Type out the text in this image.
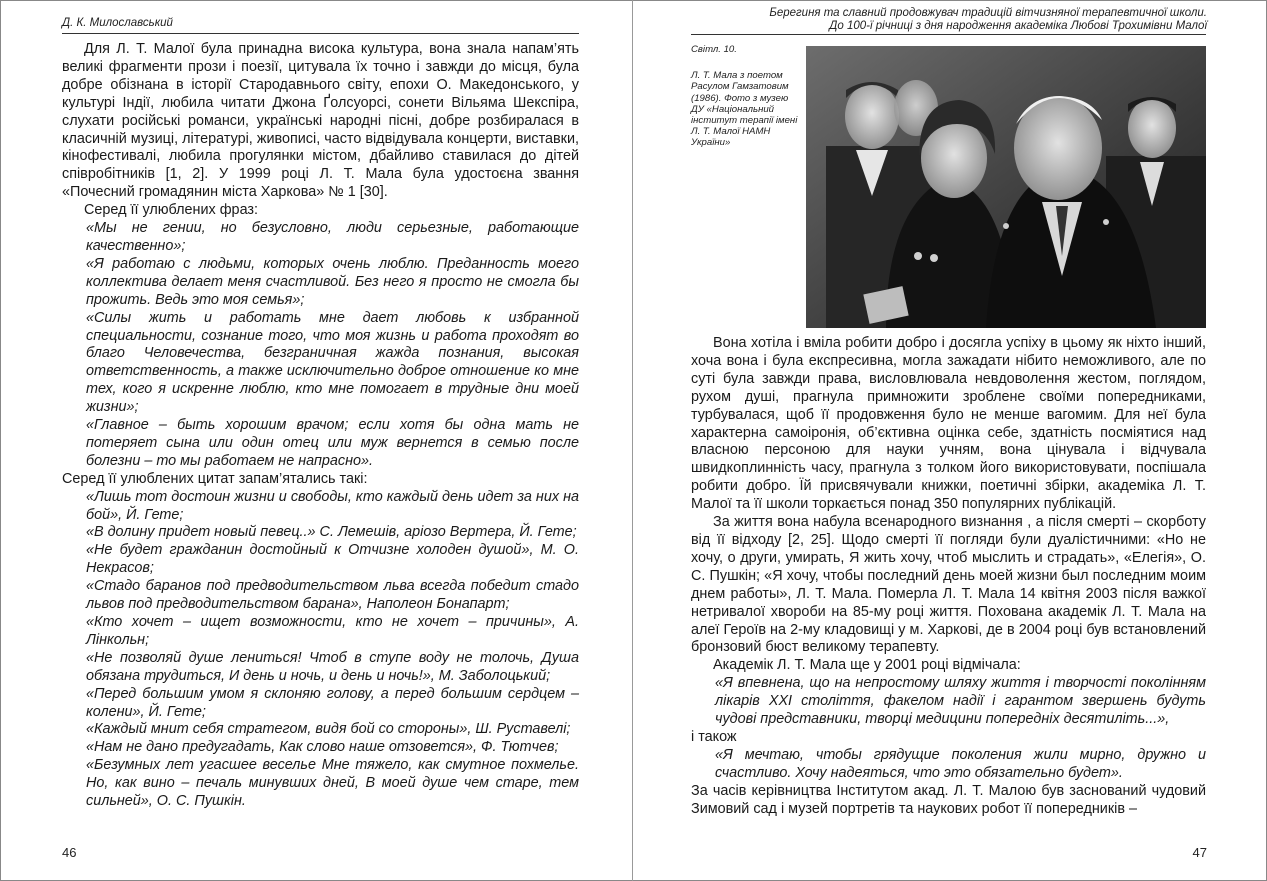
Д. К. Милославський

Для Л. Т. Малої була принадна висока культура, вона знала напам’ять великі фрагменти прози і поезії, цитувала їх точно і завжди до місця, була добре обізнана в історії Стародавнього світу, епохи О. Македонського, у культурі Індії, любила читати Джона Ґолсуорсі, сонети Вільяма Шекспіра, слухати російські романси, українські народні пісні, добре розбиралася в класичній музиці, літературі, живописі, часто відвідувала концерти, виставки, кінофестивалі, любила прогулянки містом, дбайливо ставилася до дітей співробітників [1, 2]. У 1999 році Л. Т. Мала була удостоєна звання «Почесний громадянин міста Харкова» № 1 [30].

Серед її улюблених фраз:

«Мы не гении, но безусловно, люди серьезные, работающие качественно»;

«Я работаю с людьми, которых очень люблю. Преданность моего коллектива делает меня счастливой. Без него я просто не смогла бы прожить. Ведь это моя семья»;

«Силы жить и работать мне дает любовь к избранной специальности, сознание того, что моя жизнь и работа проходят во благо Человечества, безграничная жажда познания, высокая ответственность, а также исключительно доброе отношение ко мне тех, кого я искренне люблю, кто мне помогает в трудные дни моей жизни»;

«Главное – быть хорошим врачом; если хотя бы одна мать не потеряет сына или один отец или муж вернется в семью после болезни – то мы работаем не напрасно».

Серед її улюблених цитат запам’ятались такі:

«Лишь тот достоин жизни и свободы, кто каждый день идет за них на бой», Й. Гете;

«В долину придет новый певец..» С. Лемешів, аріозо Вертера, Й. Гете;

«Не будет гражданин достойный к Отчизне холоден душой», М. О. Некрасов;

«Стадо баранов под предводительством льва всегда победит стадо львов под предводительством барана», Наполеон Бонапарт;

«Кто хочет – ищет возможности, кто не хочет – причины», А. Лінкольн;

«Не позволяй душе лениться! Чтоб в ступе воду не толочь, Душа обязана трудиться, И день и ночь, и день и ночь!», М. Заболоцький;

«Перед большим умом я склоняю голову, а перед большим сердцем – колени», Й. Гете;

«Каждый мнит себя стратегом, видя бой со стороны», Ш. Руставелі;

«Нам не дано предугадать, Как слово наше отзовется», Ф. Тютчев;

«Безумных лет угасшее веселье Мне тяжело, как смутное похмелье. Но, как вино – печаль минувших дней, В моей душе чем старе, тем сильней», О. С. Пушкін.

46
Берегиня та славний продовжувач традицій вітчизняної терапевтичної школи.
До 100-ї річниці з дня народження академіка Любові Трохимівни Малої
Світл. 10.
Л. Т. Мала з поетом Расулом Гамзатовим (1986). Фото з музею ДУ «Національний інститут терапії імені Л. Т. Малої НАМН України»

Вона хотіла і вміла робити добро і досягла успіху в цьому як ніхто інший, хоча вона і була експресивна, могла зажадати нібито неможливого, але по суті була завжди права, висловлювала невдоволення жестом, поглядом, рухом душі, прагнула примножити зроблене своїми попередниками, турбувалася, щоб її продовження було не менше вагомим. Для неї була характерна самоіронія, об’єктивна оцінка себе, здатність посміятися над власною персоною для науки учням, вона цінувала і відчувала швидкоплинність часу, прагнула з толком його використовувати, поспішала робити добро. Їй присвячували книжки, поетичні збірки, академіка Л. Т. Малої та її школи торкається понад 350 популярних публікацій.

За життя вона набула всенародного визнання , а після смерті – скорботу від її відходу [2, 25]. Щодо смерті її погляди були дуалістичними: «Но не хочу, о други, умирать, Я жить хочу, чтоб мыслить и страдать», «Елегія», О. С. Пушкін; «Я хочу, чтобы последний день моей жизни был последним моим днем работы», Л. Т. Мала. Померла Л. Т. Мала 14 квітня 2003 після важкої нетривалої хвороби на 85-му році життя. Похована академік Л. Т. Мала на алеї Героїв на 2-му кладовищі у м. Харкові, де в 2004 році був встановлений бронзовий бюст великому терапевту.

Академік Л. Т. Мала ще у 2001 році відмічала:

«Я впевнена, що на непростому шляху життя і творчості поколінням лікарів XXI століття, факелом надії і гарантом звершень будуть чудові представники, творці медицини попередніх десятиліть...»,

і також

«Я мечтаю, чтобы грядущие поколения жили мирно, дружно и счастливо. Хочу надеяться, что это обязательно будет».

За часів керівництва Інститутом акад. Л. Т. Малою був заснований чудовий Зимовий сад і музей портретів та наукових робот її попередників –

47
